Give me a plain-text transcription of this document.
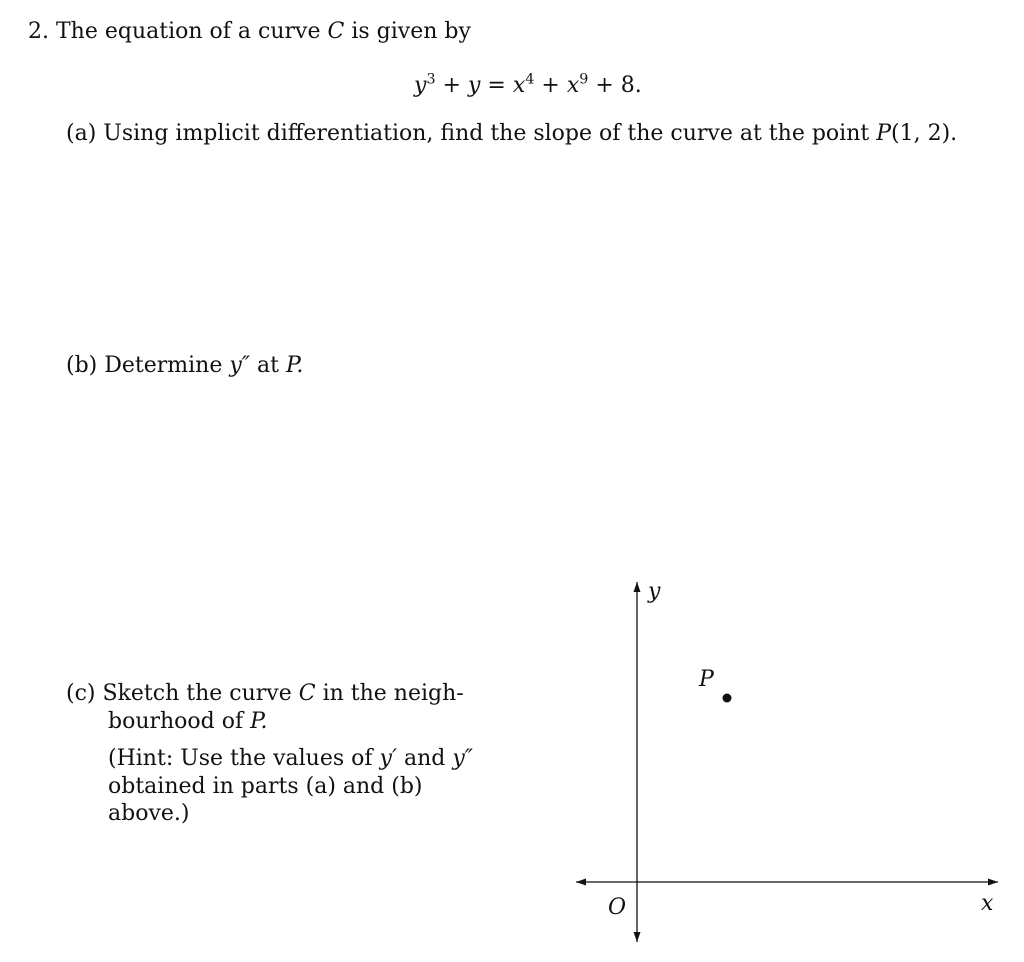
2. The equation of a curve C is given by
$y^3 + y = x^4 + x^9 + 8$.
(a) Using implicit differentiation, find the slope of the curve at the point P(1, 2).
(b) Determine y″ at P.
(c) Sketch the curve C in the neigh-
bourhood of P.
(Hint: Use the values of y′ and y″
obtained in parts (a) and (b) above.)
y
x
O
P
